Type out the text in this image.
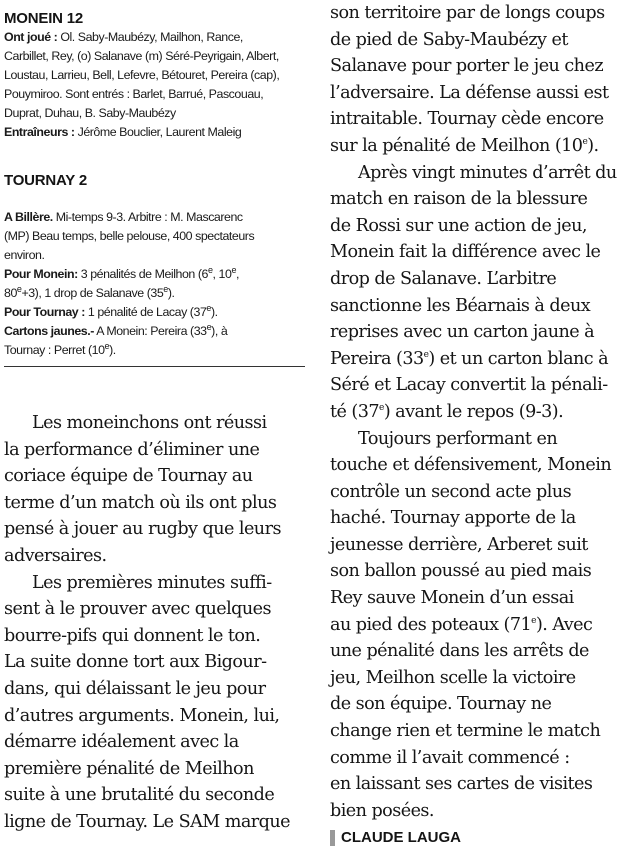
MONEIN 12

Ont joué : Ol. Saby-Maubézy, Mailhon, Rance,

Carbillet, Rey, (o) Salanave (m) Séré-Peyrigain, Albert,

Loustau, Larrieu, Bell, Lefevre, Bétouret, Pereira (cap),

Pouymiroo. Sont entrés : Barlet, Barrué, Pascouau,

Duprat, Duhau, B. Saby-Maubézy

Entraîneurs : Jérôme Bouclier, Laurent Maleig

TOURNAY 2

A Billère. Mi-temps 9-3. Arbitre : M. Mascarenc

(MP) Beau temps, belle pelouse, 400 spectateurs

environ.

Pour Monein: 3 pénalités de Meilhon (6e, 10e,

$80^e+3$), 1 drop de Salanave (35e).

Pour Tournay : 1 pénalité de Lacay (37e).

Cartons jaunes.- A Monein: Pereira (33e), à

Tournay : Perret (10e).

Les moneinchons ont réussi

la performance d’éliminer une

coriace équipe de Tournay au

terme d’un match où ils ont plus

pensé à jouer au rugby que leurs

adversaires.

Les premières minutes suffi-

sent à le prouver avec quelques

bourre-pifs qui donnent le ton.

La suite donne tort aux Bigour-

dans, qui délaissant le jeu pour

d’autres arguments. Monein, lui,

démarre idéalement avec la

première pénalité de Meilhon

suite à une brutalité du seconde

ligne de Tournay. Le SAM marque

son territoire par de longs coups

de pied de Saby-Maubézy et

Salanave pour porter le jeu chez

l’adversaire. La défense aussi est

intraitable. Tournay cède encore

sur la pénalité de Meilhon (10e).

Après vingt minutes d’arrêt du

match en raison de la blessure

de Rossi sur une action de jeu,

Monein fait la différence avec le

drop de Salanave. L’arbitre

sanctionne les Béarnais à deux

reprises avec un carton jaune à

Pereira (33e) et un carton blanc à

Séré et Lacay convertit la pénali-

té (37e) avant le repos (9-3).

Toujours performant en

touche et défensivement, Monein

contrôle un second acte plus

haché. Tournay apporte de la

jeunesse derrière, Arberet suit

son ballon poussé au pied mais

Rey sauve Monein d’un essai

au pied des poteaux (71e). Avec

une pénalité dans les arrêts de

jeu, Meilhon scelle la victoire

de son équipe. Tournay ne

change rien et termine le match

comme il l’avait commencé :

en laissant ses cartes de visites

bien posées.

CLAUDE LAUGA
